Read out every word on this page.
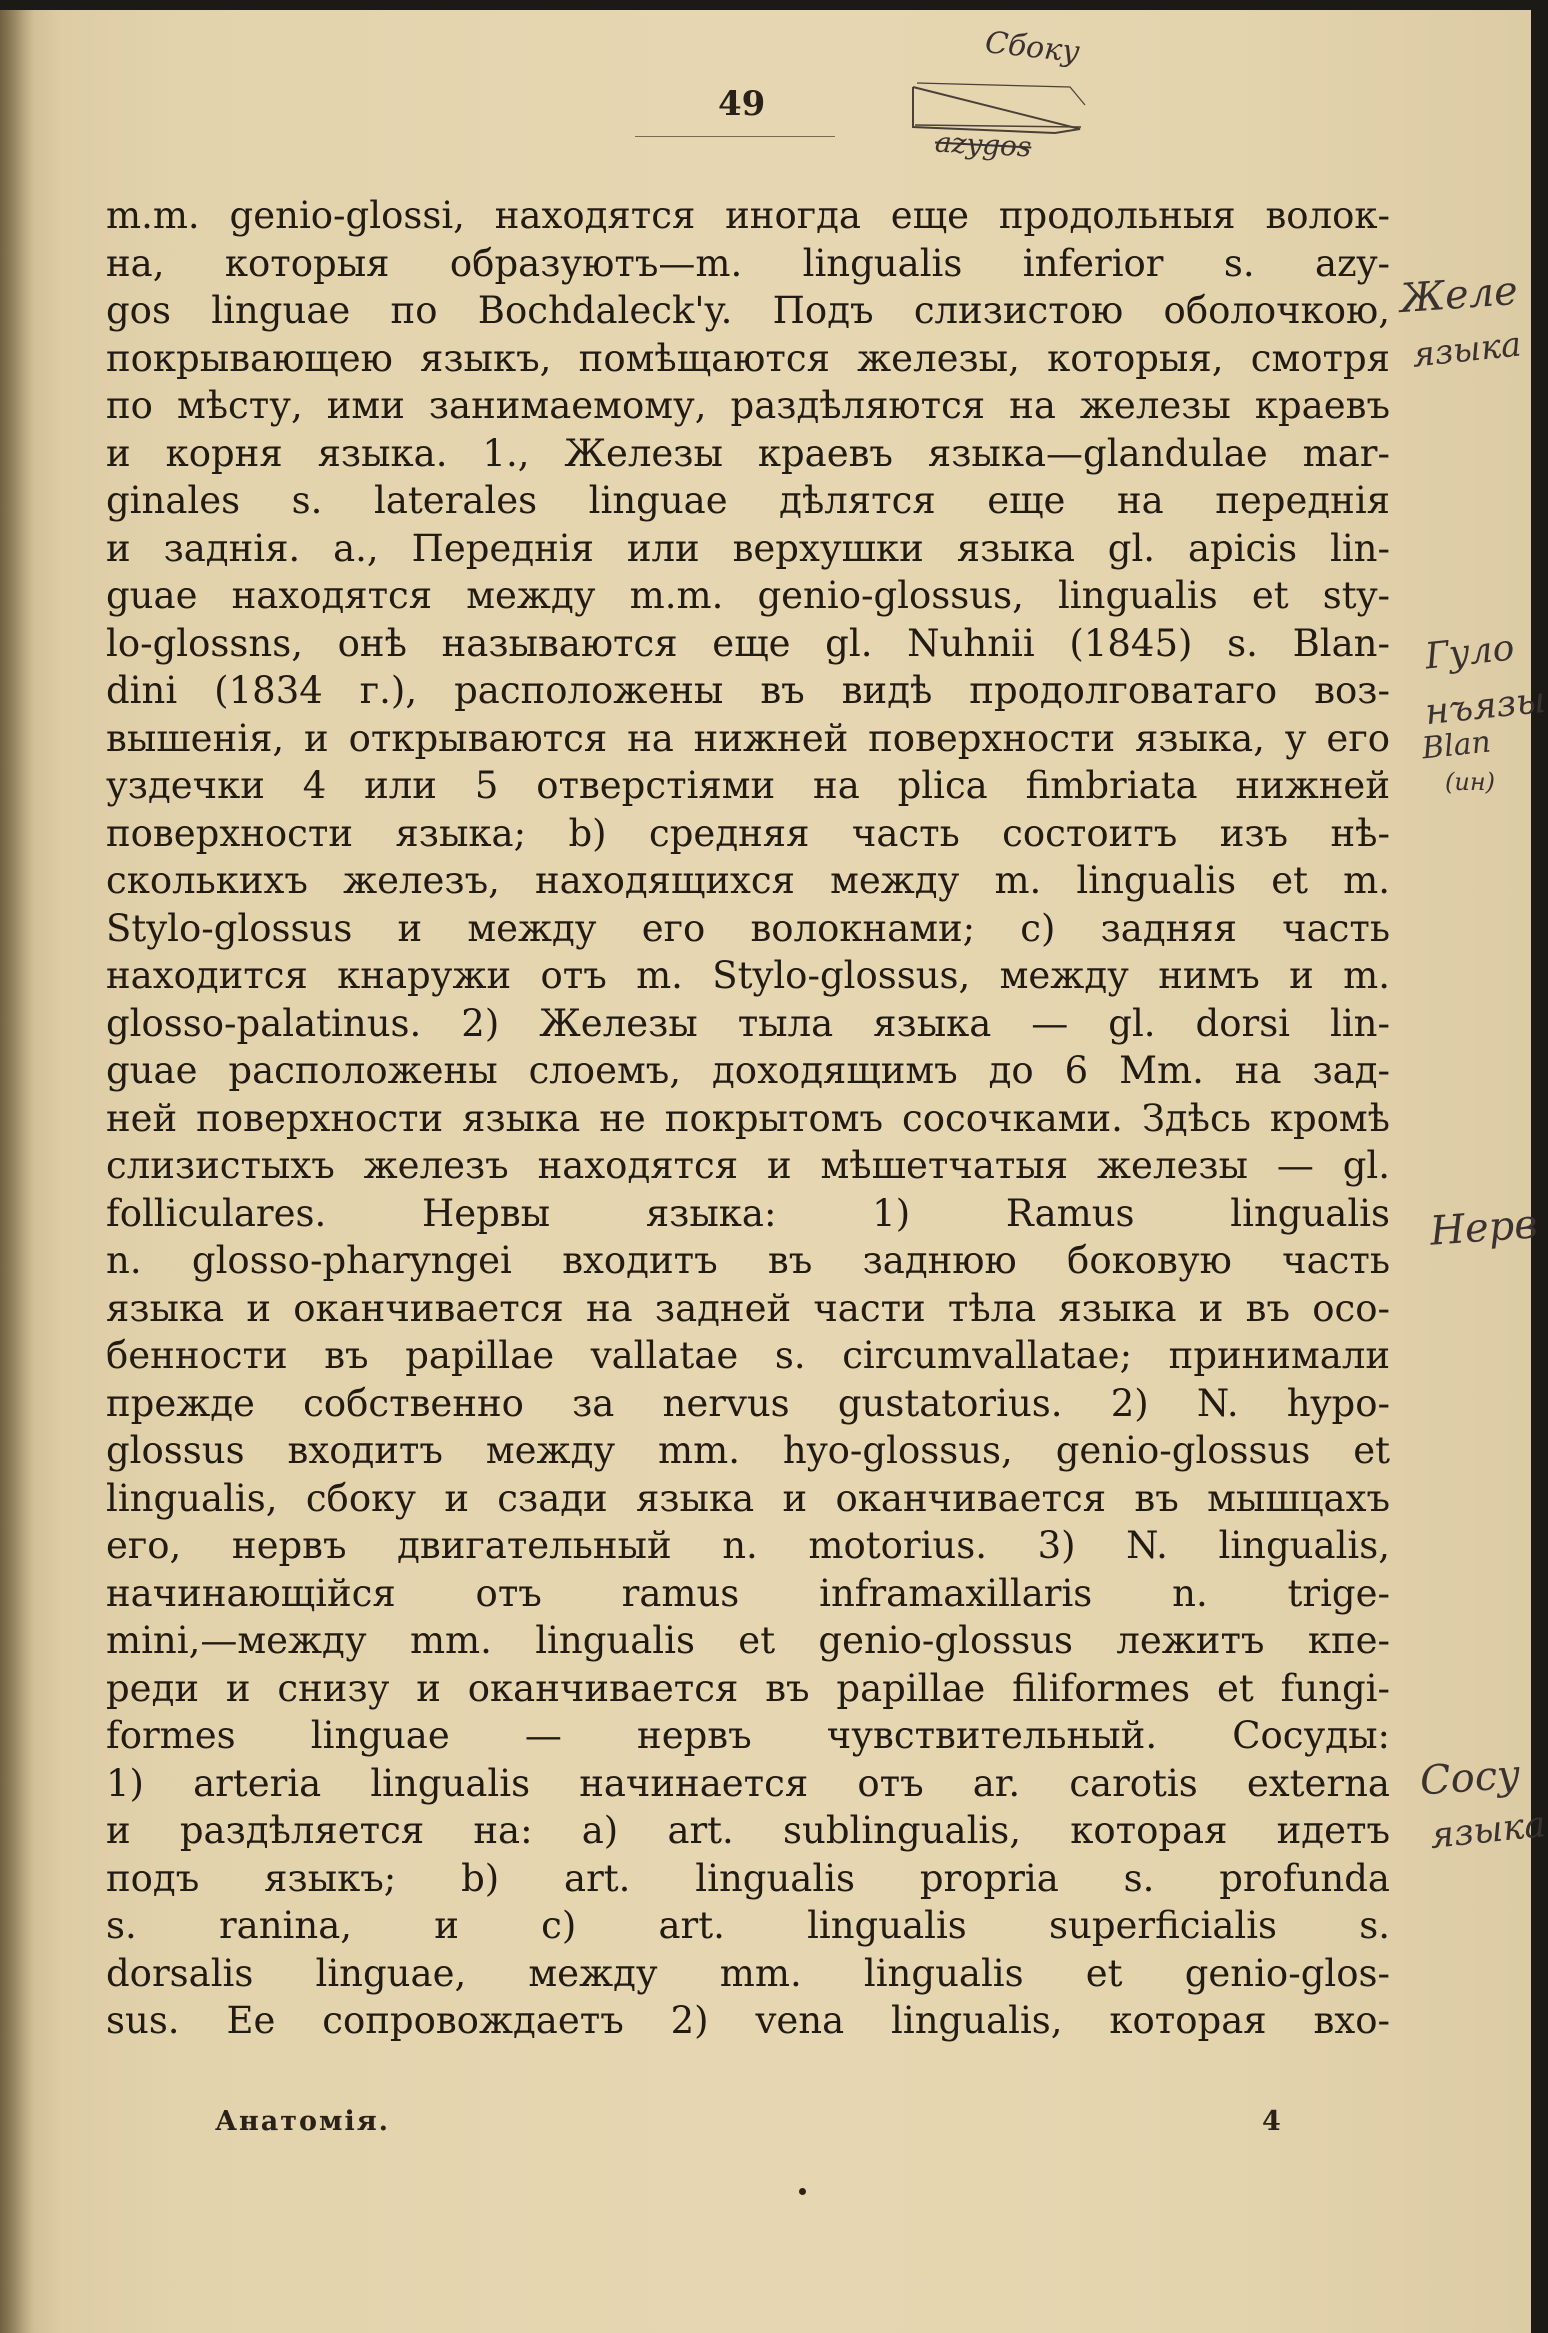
Сбоку
azygos
49
m.m. genio-glossi, находятся иногда еще продольныя волок-
на, которыя образуютъ—m. lingualis inferior s. azy-
gos linguae по Bochdaleck'y. Подъ слизистою оболочкою,
покрывающею языкъ, помѣщаются железы, которыя, смотря
по мѣсту, ими занимаемому, раздѣляются на железы краевъ
и корня языка. 1., Железы краевъ языка—glandulae mar-
ginales s. laterales linguae дѣлятся еще на переднія
и заднія. а., Переднія или верхушки языка gl. apicis lin-
guae находятся между m.m. genio-glossus, lingualis et sty-
lo-glossns, онѣ называются еще gl. Nuhnii (1845) s. Blan-
dini (1834 г.), расположены въ видѣ продолговатаго воз-
вышенія, и открываются на нижней поверхности языка, у его
уздечки 4 или 5 отверстіями на plica fimbriata нижней
поверхности языка; b) средняя часть состоитъ изъ нѣ-
сколькихъ железъ, находящихся между m. lingualis et m.
Stylo-glossus и между его волокнами; c) задняя часть
находится кнаружи отъ m. Stylo-glossus, между нимъ и m.
glosso-palatinus. 2) Железы тыла языка — gl. dorsi lin-
guae расположены слоемъ, доходящимъ до 6 Mm. на зад-
ней поверхности языка не покрытомъ сосочками. Здѣсь кромѣ
слизистыхъ железъ находятся и мѣшетчатыя железы — gl.
folliculares. Нервы языка: 1) Ramus lingualis
n. glosso-pharyngei входитъ въ заднюю боковую часть
языка и оканчивается на задней части тѣла языка и въ осо-
бенности въ papillae vallatae s. circumvallatae; принимали
прежде собственно за nervus gustatorius. 2) N. hypo-
glossus входитъ между mm. hyo-glossus, genio-glossus et
lingualis, сбоку и сзади языка и оканчивается въ мышцахъ
его, нервъ двигательный n. motorius. 3) N. lingualis,
начинающійся отъ ramus inframaxillaris n. trige-
mini,—между mm. lingualis et genio-glossus лежитъ кпе-
реди и снизу и оканчивается въ papillae filiformes et fungi-
formes linguae — нервъ чувствительный. Сосуды:
1) arteria lingualis начинается отъ ar. carotis externa
и раздѣляется на: a) art. sublingualis, которая идетъ
подъ языкъ; b) art. lingualis propria s. profunda
s. ranina, и c) art. lingualis superficialis s.
dorsalis linguae, между mm. lingualis et genio-glos-
sus. Ее сопровождаетъ 2) vena lingualis, которая вхо-
Желе
языка
Гуло
нъязы
Blan
(ин)
Нерв
Сосу
языка
Анатомія.	4
